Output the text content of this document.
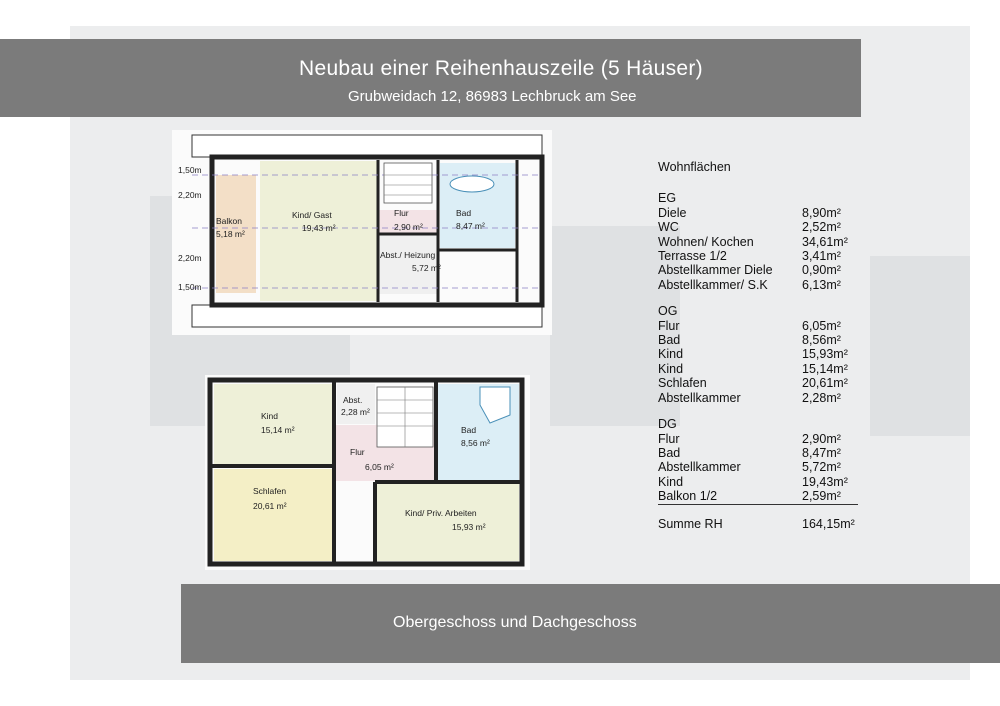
Neubau einer Reihenhauszeile (5 Häuser)
Grubweidach 12, 86983 Lechbruck am See
1,50m
2,20m
2,20m
1,50m
Balkon
5,18 m²
Kind/ Gast
19,43 m²
Flur
2,90 m²
Bad
8,47 m²
Abst./ Heizung
5,72 m²
Kind
15,14 m²
Abst.
2,28 m²
Bad
8,56 m²
Flur
6,05 m²
Schlafen
20,61 m²
Kind/ Priv. Arbeiten
15,93 m²
Wohnflächen
EG
Diele	8,90m²
WC	2,52m²
Wohnen/ Kochen	34,61m²
Terrasse 1/2	3,41m²
Abstellkammer Diele 0,90m²
Abstellkammer/ S.K	6,13m²
OG
Flur	6,05m²
Bad	8,56m²
Kind	15,93m²
Kind	15,14m²
Schlafen	20,61m²
Abstellkammer	2,28m²
DG
Flur	2,90m²
Bad	8,47m²
Abstellkammer	5,72m²
Kind	19,43m²
Balkon 1/2	2,59m²
Summe RH	164,15m²
Obergeschoss und Dachgeschoss
